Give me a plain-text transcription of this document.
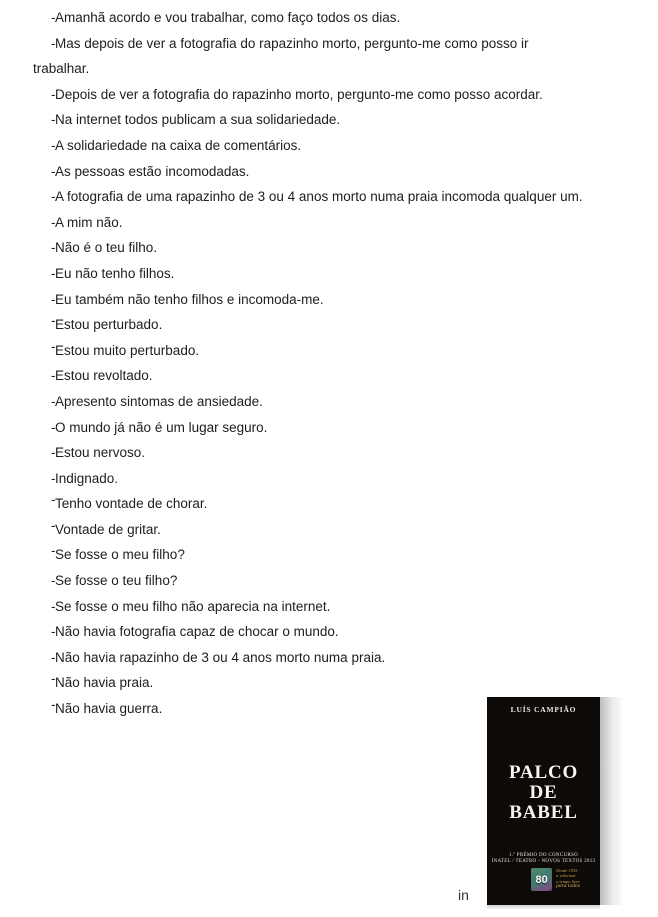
-Amanhã acordo e vou trabalhar, como faço todos os dias.

-Mas depois de ver a fotografia do rapazinho morto, pergunto-me como posso ir

trabalhar.

-Depois de ver a fotografia do rapazinho morto, pergunto-me como posso acordar.

-Na internet todos publicam a sua solidariedade.

-A solidariedade na caixa de comentários.

-As pessoas estão incomodadas.

-A fotografia de uma rapazinho de 3 ou 4 anos morto numa praia incomoda qualquer um.

-A mim não.

-Não é o teu filho.

-Eu não tenho filhos.

-Eu também não tenho filhos e incomoda-me.

-Estou perturbado.

-Estou muito perturbado.

-Estou revoltado.

-Apresento sintomas de ansiedade.

-O mundo já não é um lugar seguro.

-Estou nervoso.

-Indignado.

-Tenho vontade de chorar.

-Vontade de gritar.

-Se fosse o meu filho?

-Se fosse o teu filho?

-Se fosse o meu filho não aparecia na internet.

-Não havia fotografia capaz de chocar o mundo.

-Não havia rapazinho de 3 ou 4 anos morto numa praia.

-Não havia praia.

-Não havia guerra.

in
LUÍS CAMPIÃO
PALCO
DE
BABEL
1.º PRÉMIO DO CONCURSO
INATEL / TEATRO - NOVOS TEXTOS 2013
80
Desde 1935
a valorizar
o tempo livre
para todos
